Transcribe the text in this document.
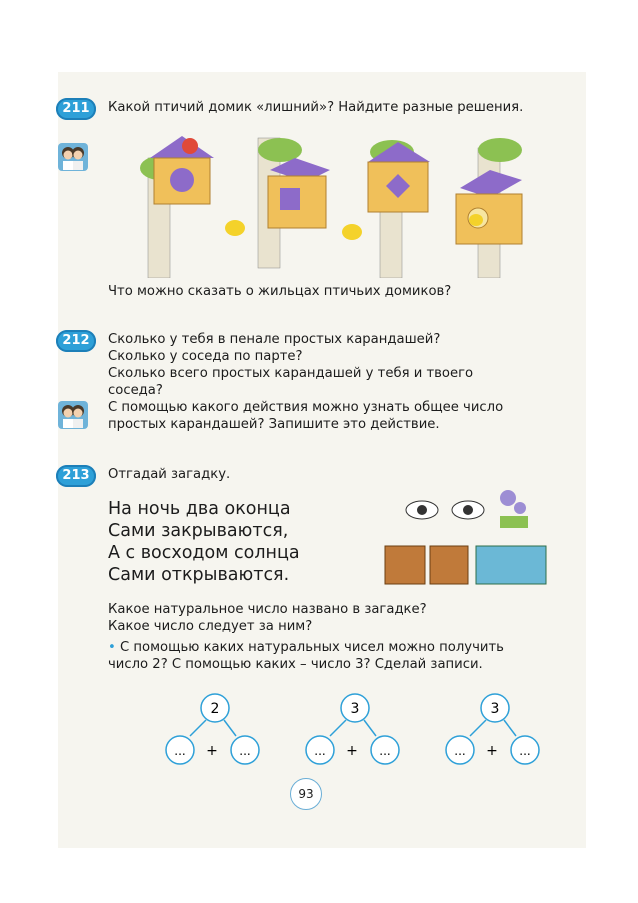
211	Какой птичий домик «лишний»? Найдите разные решения.
Что можно сказать о жильцах птичьих домиков?
212	Сколько у тебя в пенале простых карандашей?
Сколько у соседа по парте?
Сколько всего простых карандашей у тебя и твоего
соседа?
С помощью какого действия можно узнать общее число
простых карандашей? Запишите это действие.
213	Отгадай загадку.
На ночь два оконца
Сами закрываются,
А с восходом солнца
Сами открываются.
Какое натуральное число названо в загадке?
Какое число следует за ним?
• С помощью каких натуральных чисел можно получить
число 2? С помощью каких – число 3? Сделай записи.
2
... + ...
3
... + ...
3
... + ...
93
